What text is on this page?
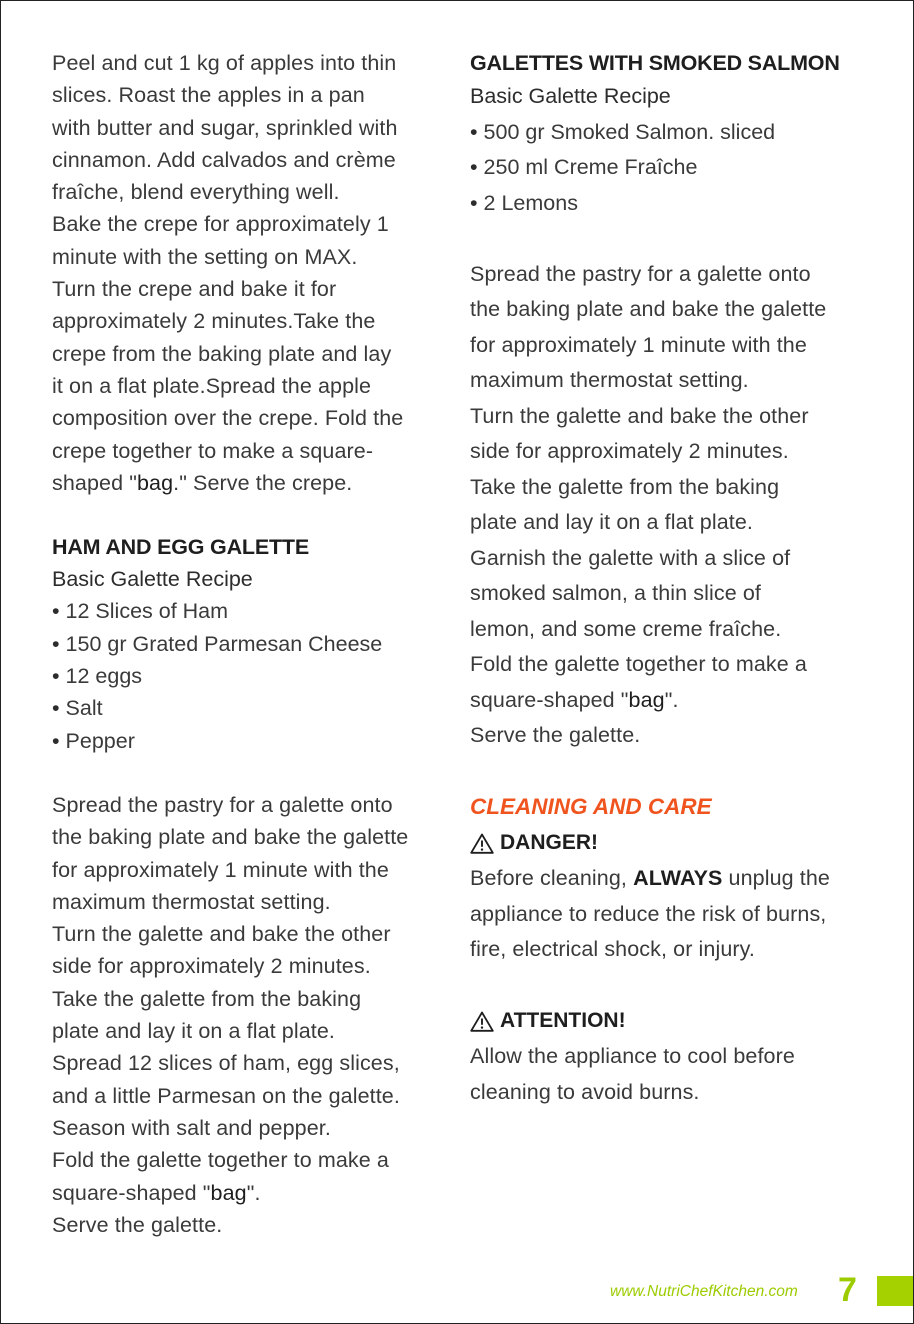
Peel and cut 1 kg of apples into thin

slices. Roast the apples in a pan

with butter and sugar, sprinkled with

cinnamon. Add calvados and crème

fraîche, blend everything well.

Bake the crepe for approximately 1

minute with the setting on MAX.

Turn the crepe and bake it for

approximately 2 minutes.Take the

crepe from the baking plate and lay

it on a flat plate.Spread the apple

composition over the crepe. Fold the

crepe together to make a square-

shaped "bag." Serve the crepe.

HAM AND EGG GALETTE

Basic Galette Recipe

• 12 Slices of Ham
• 150 gr Grated Parmesan Cheese
• 12 eggs
• Salt
• Pepper

Spread the pastry for a galette onto

the baking plate and bake the galette

for approximately 1 minute with the

maximum thermostat setting.

Turn the galette and bake the other

side for approximately 2 minutes.

Take the galette from the baking

plate and lay it on a flat plate.

Spread 12 slices of ham, egg slices,

and a little Parmesan on the galette.

Season with salt and pepper.

Fold the galette together to make a

square-shaped "bag".

Serve the galette.

GALETTES WITH SMOKED SALMON

Basic Galette Recipe

• 500 gr Smoked Salmon. sliced
• 250 ml Creme Fraîche
• 2 Lemons

Spread the pastry for a galette onto

the baking plate and bake the galette

for approximately 1 minute with the

maximum thermostat setting.

Turn the galette and bake the other

side for approximately 2 minutes.

Take the galette from the baking

plate and lay it on a flat plate.

Garnish the galette with a slice of

smoked salmon, a thin slice of

lemon, and some creme fraîche.

Fold the galette together to make a

square-shaped "bag".

Serve the galette.

CLEANING AND CARE

DANGER!

Before cleaning, ALWAYS unplug the

appliance to reduce the risk of burns,

fire, electrical shock, or injury.

ATTENTION!

Allow the appliance to cool before

cleaning to avoid burns.

www.NutriChefKitchen.com 7
